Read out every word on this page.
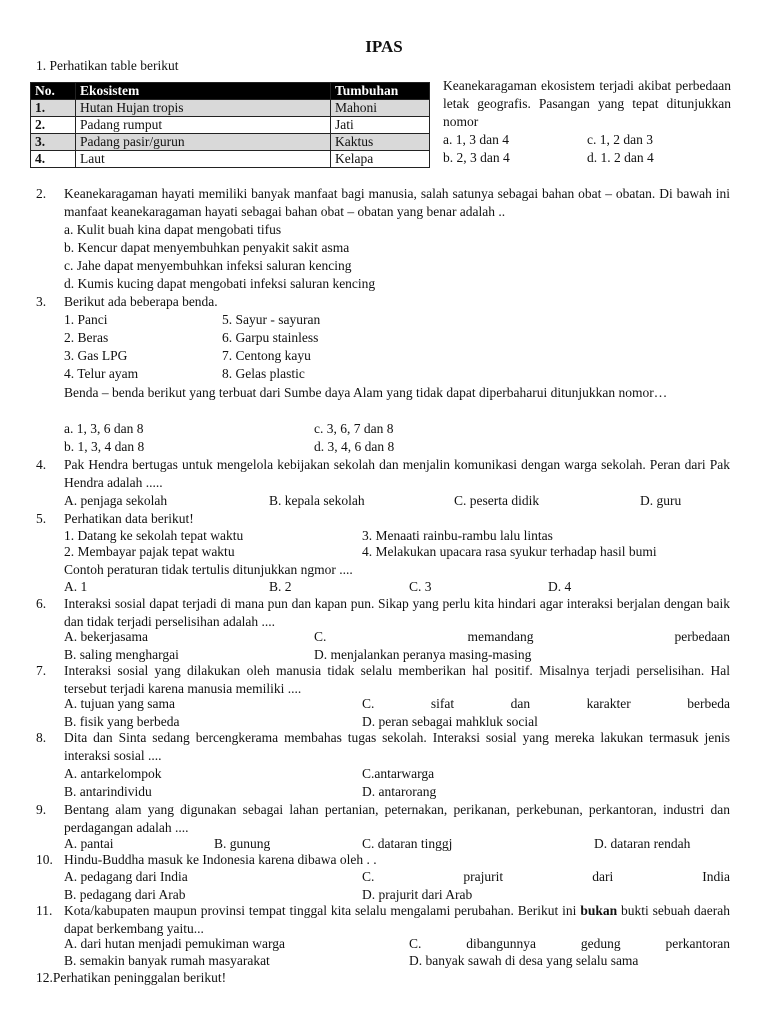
IPAS
1. Perhatikan table berikut
No.	Ekosistem	Tumbuhan
1.	Hutan Hujan tropis	Mahoni
2.	Padang rumput	Jati
3.	Padang pasir/gurun	Kaktus
4.	Laut	Kelapa
Keanekaragaman ekosistem terjadi akibat perbedaan letak geografis. Pasangan yang tepat ditunjukkan nomor
a. 1, 3 dan 4	c. 1, 2 dan 3
b. 2, 3 dan 4	d. 1. 2 dan 4
2. Keanekaragaman hayati memiliki banyak manfaat bagi manusia, salah satunya sebagai bahan obat – obatan. Di bawah ini manfaat keanekaragaman hayati sebagai bahan obat – obatan yang benar adalah ..
a. Kulit buah kina dapat mengobati tifus
b. Kencur dapat menyembuhkan penyakit sakit asma
c. Jahe dapat menyembuhkan infeksi saluran kencing
d. Kumis kucing dapat mengobati infeksi saluran kencing
3. Berikut ada beberapa benda.
1. Panci	5. Sayur - sayuran
2. Beras	6. Garpu stainless
3. Gas LPG	7. Centong kayu
4. Telur ayam	8. Gelas plastic
Benda – benda berikut yang terbuat dari Sumbe daya Alam yang tidak dapat diperbaharui ditunjukkan nomor…
a. 1, 3, 6 dan 8	c. 3, 6, 7 dan 8
b. 1, 3, 4 dan 8	d. 3, 4, 6 dan 8
4. Pak Hendra bertugas untuk mengelola kebijakan sekolah dan menjalin komunikasi dengan warga sekolah. Peran dari Pak Hendra adalah .....
A. penjaga sekolah	B. kepala sekolah	C. peserta didik	D. guru
5. Perhatikan data berikut!
1. Datang ke sekolah tepat waktu	3. Menaati rainbu-rambu lalu lintas
2. Membayar pajak tepat waktu	4. Melakukan upacara rasa syukur terhadap hasil bumi
Contoh peraturan tidak tertulis ditunjukkan ngmor ....
A. 1	B. 2	C. 3	D. 4
6. Interaksi sosial dapat terjadi di mana pun dan kapan pun. Sikap yang perlu kita hindari agar interaksi berjalan dengan baik dan tidak terjadi perselisihan adalah ....
A. bekerjasama	C. memandang perbedaan
B. saling menghargai	D. menjalankan peranya masing-masing
7. Interaksi sosial yang dilakukan oleh manusia tidak selalu memberikan hal positif. Misalnya terjadi perselisihan. Hal tersebut terjadi karena manusia memiliki ....
A. tujuan yang sama	C. sifat dan karakter berbeda
B. fisik yang berbeda	D. peran sebagai mahkluk social
8. Dita dan Sinta sedang bercengkerama membahas tugas sekolah. Interaksi sosial yang mereka lakukan termasuk jenis interaksi sosial ....
A. antarkelompok	C.antarwarga
B. antarindividu	D. antarorang
9. Bentang alam yang digunakan sebagai lahan pertanian, peternakan, perikanan, perkebunan, perkantoran, industri dan perdagangan adalah ....
A. pantai	B. gunung	C. dataran tinggj	D. dataran rendah
10. Hindu-Buddha masuk ke Indonesia karena dibawa oleh . .
A. pedagang dari India	C. prajurit dari India
B. pedagang dari Arab	D. prajurit dari Arab
11. Kota/kabupaten maupun provinsi tempat tinggal kita selalu mengalami perubahan. Berikut ini bukan bukti sebuah daerah dapat berkembang yaitu...
A. dari hutan menjadi pemukiman warga	C. dibangunnya gedung perkantoran
B. semakin banyak rumah masyarakat	D. banyak sawah di desa yang selalu sama
12.Perhatikan peninggalan berikut!
